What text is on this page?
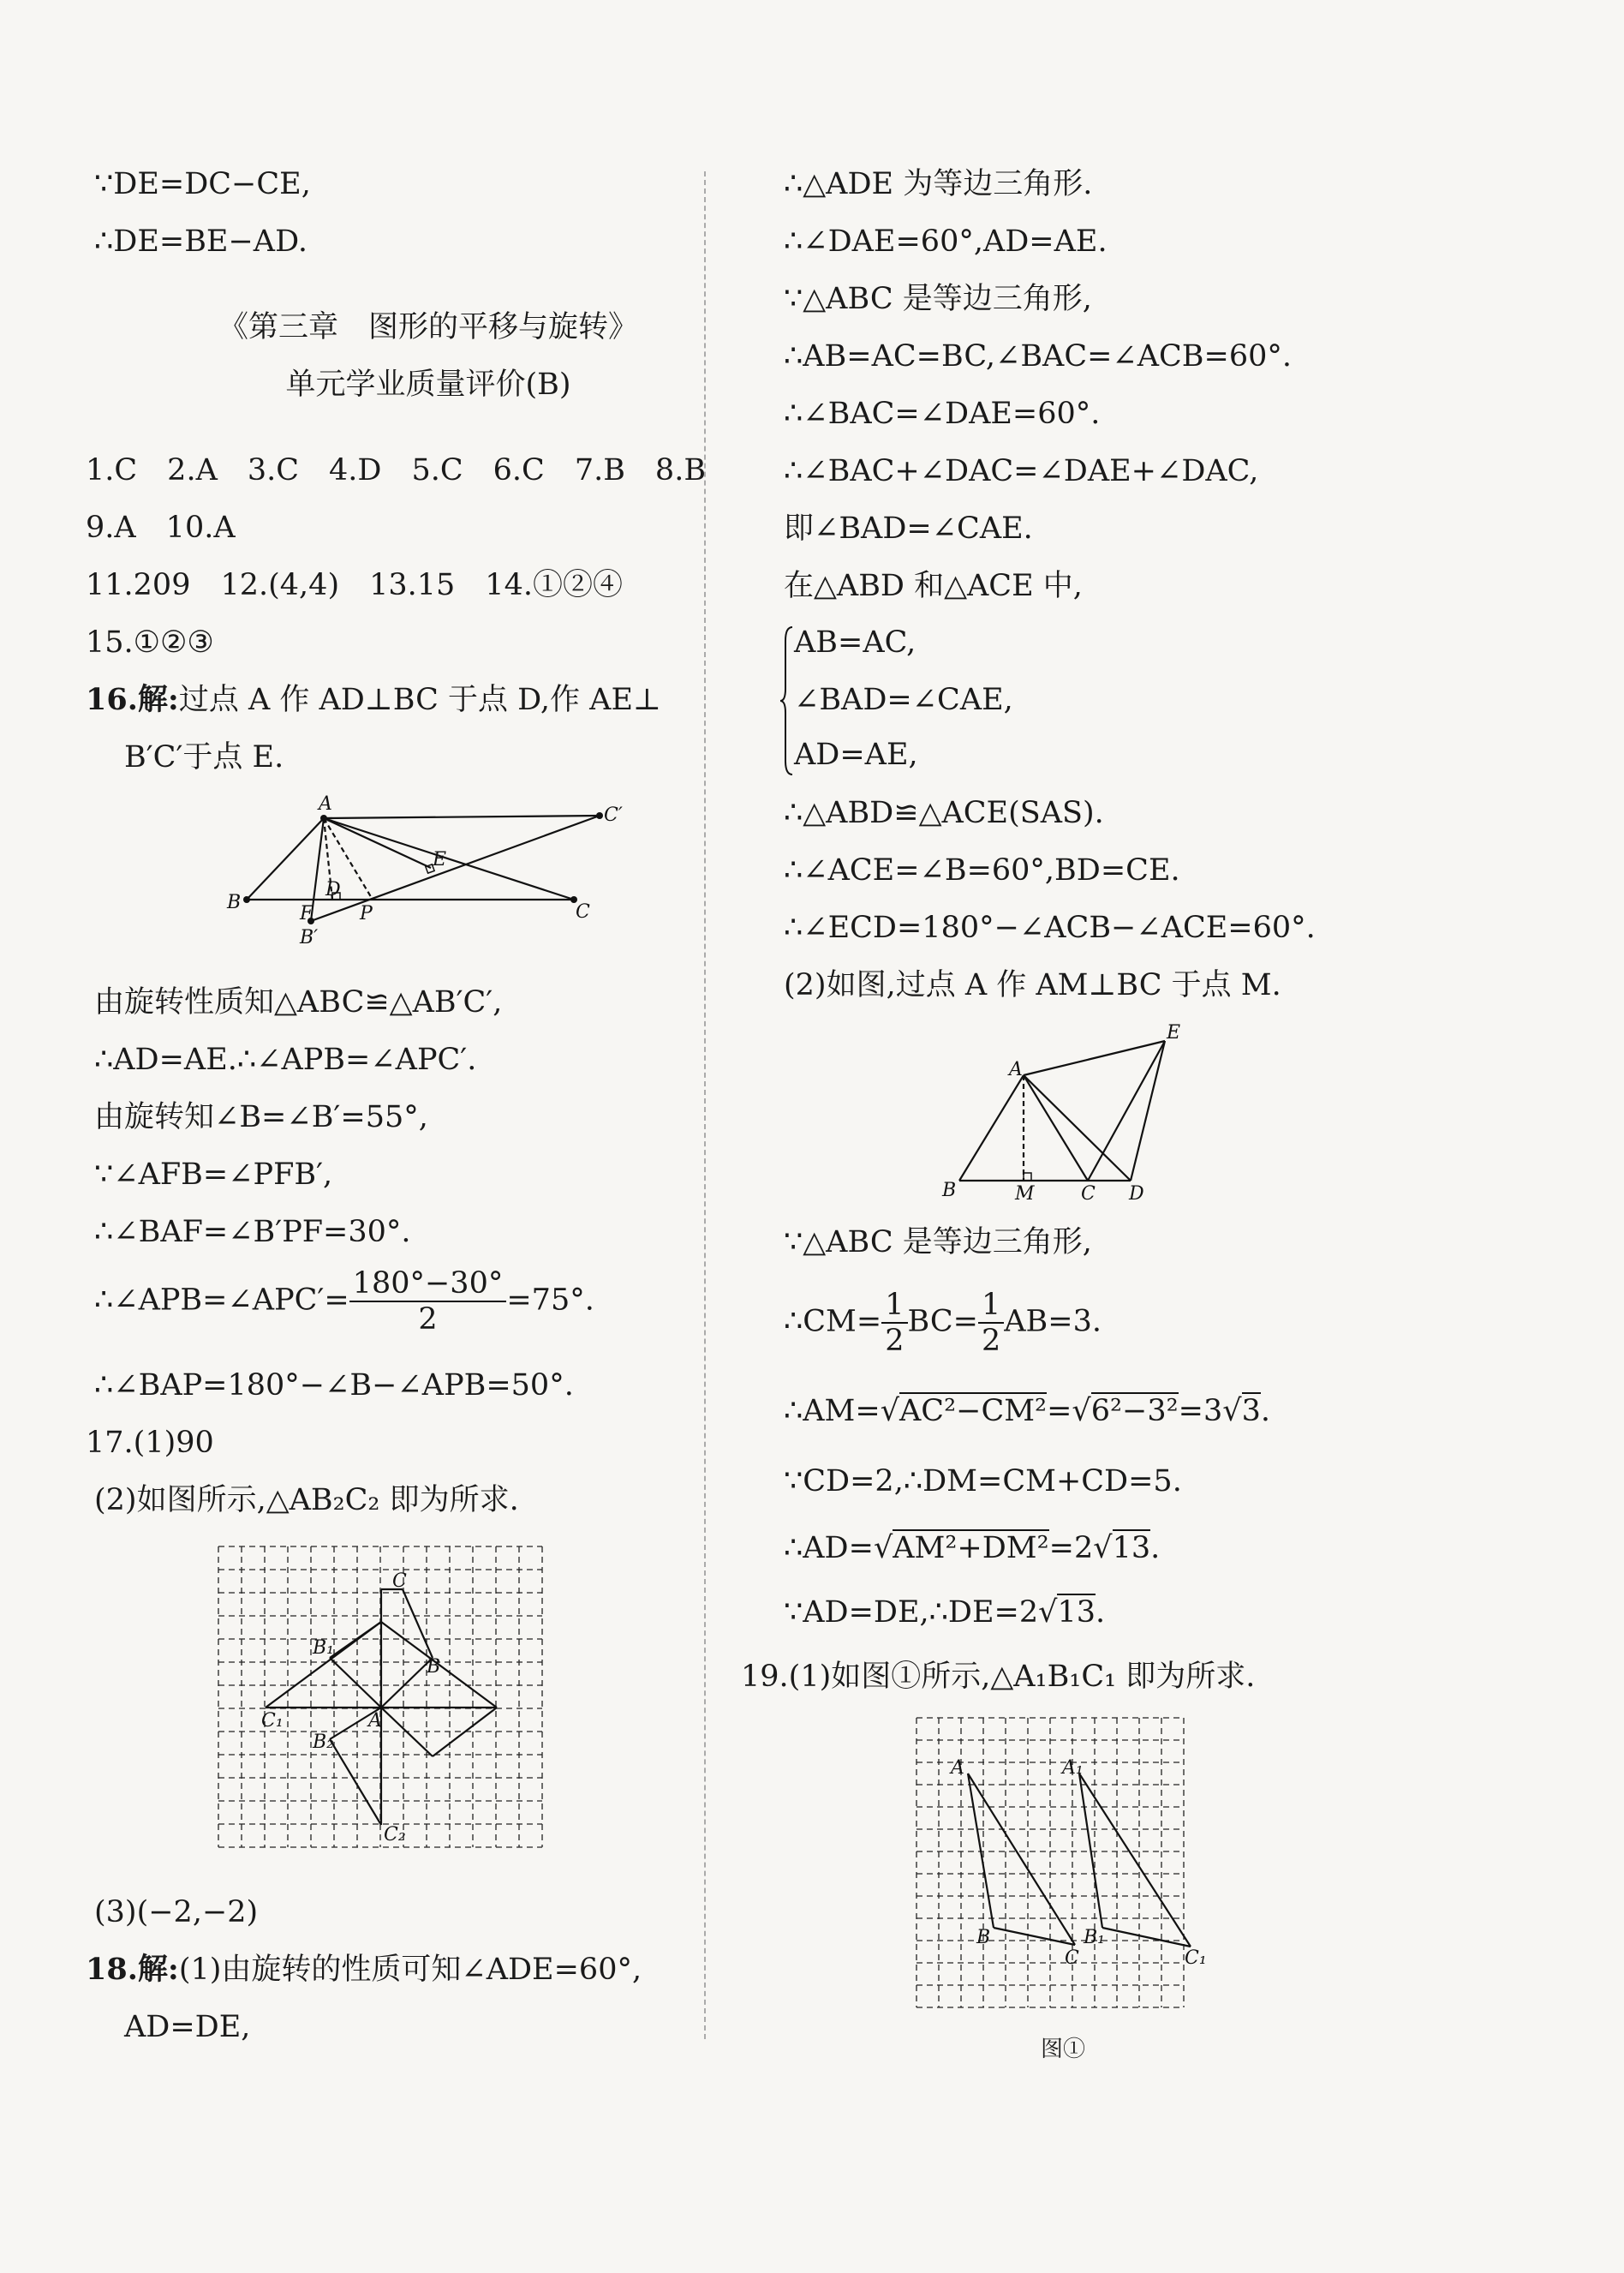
∵DE=DC−CE,
∴DE=BE−AD.
《第三章　图形的平移与旋转》
单元学业质量评价(B)
1.C　2.A　3.C　4.D　5.C　6.C　7.B　8.B
9.A　10.A
11.209　12.(4,4)　13.15　14.①②④
15.①②③
16.解:过点 A 作 AD⊥BC 于点 D,作 AE⊥
B′C′于点 E.
A
B	C
C′
B′
D
E
F P
由旋转性质知△ABC≌△AB′C′,
∴AD=AE.∴∠APB=∠APC′.
由旋转知∠B=∠B′=55°,
∵∠AFB=∠PFB′,
∴∠BAF=∠B′PF=30°.
∴∠APB=∠APC′= $\frac{180^\circ-30^\circ}{2} =75^\circ$.
∴∠BAP=180°−∠B−∠APB=50°.
17.(1)90
(2)如图所示,△AB₂C₂ 即为所求.
C
B₁
B
C₁	A
B₂
C₂
(3)(−2,−2)
18.解:(1)由旋转的性质可知∠ADE=60°,
AD=DE,
∴△ADE 为等边三角形.
∴∠DAE=60°,AD=AE.
∵△ABC 是等边三角形,
∴AB=AC=BC,∠BAC=∠ACB=60°.
∴∠BAC=∠DAE=60°.
∴∠BAC+∠DAC=∠DAE+∠DAC,
即∠BAD=∠CAE.
在△ABD 和△ACE 中,
AB=AC,
∠BAD=∠CAE,
AD=AE,
∴△ABD≌△ACE(SAS).
∴∠ACE=∠B=60°,BD=CE.
∴∠ECD=180°−∠ACB−∠ACE=60°.
(2)如图,过点 A 作 AM⊥BC 于点 M.
A
B	M C D
E
∵△ABC 是等边三角形,
∴CM= $\frac{1}{2} BC= \frac{1}{2} AB=3$.
∴AM=√AC²−CM²=√6²−3²=3√3.
∵CD=2,∴DM=CM+CD=5.
∴AD=√AM²+DM²=2√13.
∵AD=DE,∴DE=2√13.
19.(1)如图①所示,△A₁B₁C₁ 即为所求.
A	A₁
B	B₁
C	C₁
图①
